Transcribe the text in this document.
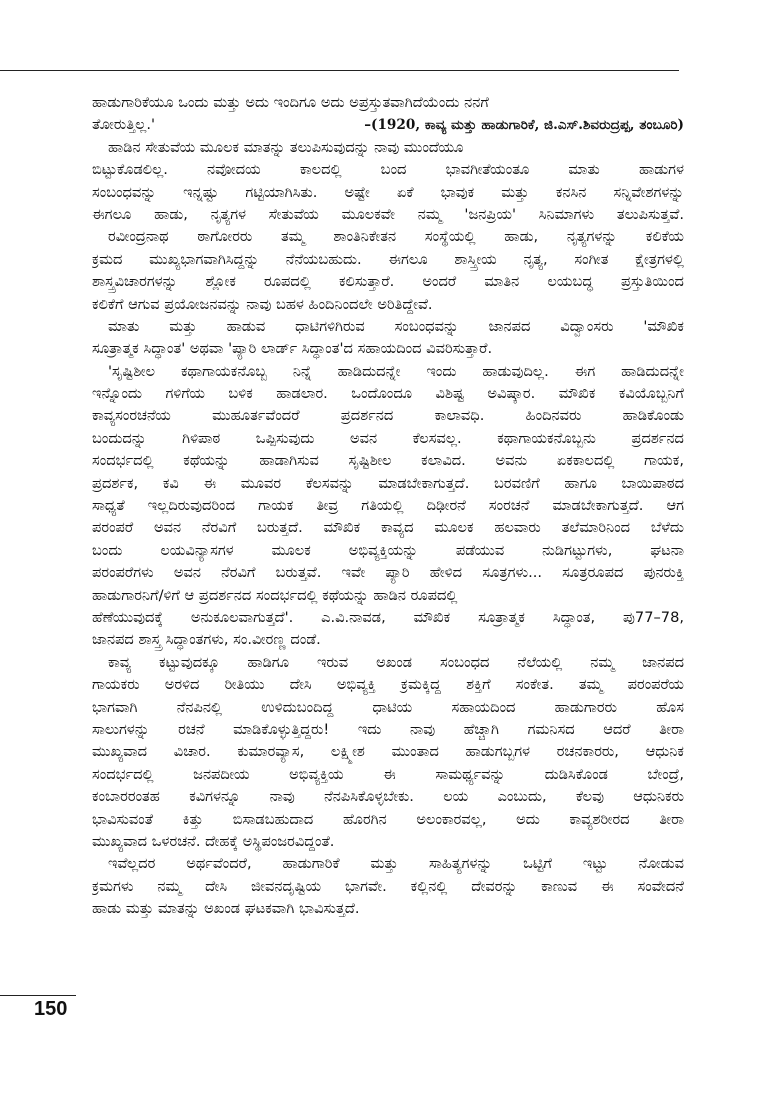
ಹಾಡುಗಾರಿಕೆಯೂ ಒಂದು ಮತ್ತು ಅದು ಇಂದಿಗೂ ಅದು ಅಪ್ರಸ್ತುತವಾಗಿದೆಯೆಂದು ನನಗೆ
ತೋರುತ್ತಿಲ್ಲ.'	–(1920, ಕಾವ್ಯ ಮತ್ತು ಹಾಡುಗಾರಿಕೆ, ಜಿ.ಎಸ್.ಶಿವರುದ್ರಪ್ಪ, ತಂಬೂರಿ)
ಹಾಡಿನ ಸೇತುವೆಯ ಮೂಲಕ ಮಾತನ್ನು ತಲುಪಿಸುವುದನ್ನು ನಾವು ಮುಂದೆಯೂ
ಬಿಟ್ಟುಕೊಡಲಿಲ್ಲ. ನವೋದಯ ಕಾಲದಲ್ಲಿ ಬಂದ ಭಾವಗೀತೆಯಂತೂ ಮಾತು ಹಾಡುಗಳ
ಸಂಬಂಧವನ್ನು ಇನ್ನಷ್ಟು ಗಟ್ಟಿಯಾಗಿಸಿತು. ಅಷ್ಟೇ ಏಕೆ ಭಾವುಕ ಮತ್ತು ಕನಸಿನ ಸನ್ನಿವೇಶಗಳನ್ನು
ಈಗಲೂ ಹಾಡು, ನೃತ್ಯಗಳ ಸೇತುವೆಯ ಮೂಲಕವೇ ನಮ್ಮ 'ಜನಪ್ರಿಯ' ಸಿನಿಮಾಗಳು ತಲುಪಿಸುತ್ತವೆ.
ರವೀಂದ್ರನಾಥ ಠಾಗೋರರು ತಮ್ಮ ಶಾಂತಿನಿಕೇತನ ಸಂಸ್ಥೆಯಲ್ಲಿ ಹಾಡು, ನೃತ್ಯಗಳನ್ನು ಕಲಿಕೆಯ
ಕ್ರಮದ ಮುಖ್ಯಭಾಗವಾಗಿಸಿದ್ದನ್ನು ನೆನೆಯಬಹುದು. ಈಗಲೂ ಶಾಸ್ತ್ರೀಯ ನೃತ್ಯ, ಸಂಗೀತ ಕ್ಷೇತ್ರಗಳಲ್ಲಿ
ಶಾಸ್ತ್ರವಿಚಾರಗಳನ್ನು ಶ್ಲೋಕ ರೂಪದಲ್ಲಿ ಕಲಿಸುತ್ತಾರೆ. ಅಂದರೆ ಮಾತಿನ ಲಯಬದ್ಧ ಪ್ರಸ್ತುತಿಯಿಂದ
ಕಲಿಕೆಗೆ ಆಗುವ ಪ್ರಯೋಜನವನ್ನು ನಾವು ಬಹಳ ಹಿಂದಿನಿಂದಲೇ ಅರಿತಿದ್ದೇವೆ.
ಮಾತು ಮತ್ತು ಹಾಡುವ ಧಾಟಿಗಳಿಗಿರುವ ಸಂಬಂಧವನ್ನು ಜಾನಪದ ವಿದ್ವಾಂಸರು 'ಮೌಖಿಕ
ಸೂತ್ರಾತ್ಮಕ ಸಿದ್ಧಾಂತ' ಅಥವಾ 'ಪ್ಯಾರಿ ಲಾರ್ಡ್ ಸಿದ್ಧಾಂತ'ದ ಸಹಾಯದಿಂದ ವಿವರಿಸುತ್ತಾರೆ.
'ಸೃಷ್ಟಿಶೀಲ ಕಥಾಗಾಯಕನೊಬ್ಬ ನಿನ್ನೆ ಹಾಡಿದುದನ್ನೇ ಇಂದು ಹಾಡುವುದಿಲ್ಲ. ಈಗ ಹಾಡಿದುದನ್ನೇ
ಇನ್ನೊಂದು ಗಳಿಗೆಯ ಬಳಿಕ ಹಾಡಲಾರ. ಒಂದೊಂದೂ ವಿಶಿಷ್ಟ ಅವಿಷ್ಕಾರ. ಮೌಖಿಕ ಕವಿಯೊಬ್ಬನಿಗೆ
ಕಾವ್ಯಸಂರಚನೆಯ ಮುಹೂರ್ತವೆಂದರೆ ಪ್ರದರ್ಶನದ ಕಾಲಾವಧಿ. ಹಿಂದಿನವರು ಹಾಡಿಕೊಂಡು
ಬಂದುದನ್ನು ಗಿಳಿಪಾಠ ಒಪ್ಪಿಸುವುದು ಅವನ ಕೆಲಸವಲ್ಲ. ಕಥಾಗಾಯಕನೊಬ್ಬನು ಪ್ರದರ್ಶನದ
ಸಂದರ್ಭದಲ್ಲಿ ಕಥೆಯನ್ನು ಹಾಡಾಗಿಸುವ ಸೃಷ್ಟಿಶೀಲ ಕಲಾವಿದ. ಅವನು ಏಕಕಾಲದಲ್ಲಿ ಗಾಯಕ,
ಪ್ರದರ್ಶಕ, ಕವಿ ಈ ಮೂವರ ಕೆಲಸವನ್ನು ಮಾಡಬೇಕಾಗುತ್ತದೆ. ಬರವಣಿಗೆ ಹಾಗೂ ಬಾಯಿಪಾಠದ
ಸಾಧ್ಯತೆ ಇಲ್ಲದಿರುವುದರಿಂದ ಗಾಯಕ ತೀವ್ರ ಗತಿಯಲ್ಲಿ ದಿಢೀರನೆ ಸಂರಚನೆ ಮಾಡಬೇಕಾಗುತ್ತದೆ. ಆಗ
ಪರಂಪರೆ ಅವನ ನೆರವಿಗೆ ಬರುತ್ತದೆ. ಮೌಖಿಕ ಕಾವ್ಯದ ಮೂಲಕ ಹಲವಾರು ತಲೆಮಾರಿನಿಂದ ಬೆಳೆದು
ಬಂದು ಲಯವಿನ್ಯಾಸಗಳ ಮೂಲಕ ಅಭಿವ್ಯಕ್ತಿಯನ್ನು ಪಡೆಯುವ ನುಡಿಗಟ್ಟುಗಳು, ಘಟನಾ
ಪರಂಪರೆಗಳು ಅವನ ನೆರವಿಗೆ ಬರುತ್ತವೆ. ಇವೇ ಪ್ಯಾರಿ ಹೇಳಿದ ಸೂತ್ರಗಳು... ಸೂತ್ರರೂಪದ ಪುನರುಕ್ತಿ
ಹಾಡುಗಾರನಿಗೆ/ಳಿಗೆ ಆ ಪ್ರದರ್ಶನದ ಸಂದರ್ಭದಲ್ಲಿ ಕಥೆಯನ್ನು ಹಾಡಿನ ರೂಪದಲ್ಲಿ
ಹೆಣೆಯುವುದಕ್ಕೆ ಅನುಕೂಲವಾಗುತ್ತದೆ'. ಎ.ವಿ.ನಾವಡ, ಮೌಖಿಕ ಸೂತ್ರಾತ್ಮಕ ಸಿದ್ಧಾಂತ, ಪು77–78,
ಜಾನಪದ ಶಾಸ್ತ್ರ ಸಿದ್ಧಾಂತಗಳು, ಸಂ.ವೀರಣ್ಣ ದಂಡೆ.
ಕಾವ್ಯ ಕಟ್ಟುವುದಕ್ಕೂ ಹಾಡಿಗೂ ಇರುವ ಅಖಂಡ ಸಂಬಂಧದ ನೆಲೆಯಲ್ಲಿ ನಮ್ಮ ಜಾನಪದ
ಗಾಯಕರು ಅರಳಿದ ರೀತಿಯು ದೇಸಿ ಅಭಿವ್ಯಕ್ತಿ ಕ್ರಮಕ್ಕಿದ್ದ ಶಕ್ತಿಗೆ ಸಂಕೇತ. ತಮ್ಮ ಪರಂಪರೆಯ
ಭಾಗವಾಗಿ ನೆನಪಿನಲ್ಲಿ ಉಳಿದುಬಂದಿದ್ದ ಧಾಟಿಯ ಸಹಾಯದಿಂದ ಹಾಡುಗಾರರು ಹೊಸ
ಸಾಲುಗಳನ್ನು ರಚನೆ ಮಾಡಿಕೊಳ್ಳುತ್ತಿದ್ದರು! ಇದು ನಾವು ಹೆಚ್ಚಾಗಿ ಗಮನಿಸದ ಆದರೆ ತೀರಾ
ಮುಖ್ಯವಾದ ವಿಚಾರ. ಕುಮಾರವ್ಯಾಸ, ಲಕ್ಷ್ಮೀಶ ಮುಂತಾದ ಹಾಡುಗಬ್ಬಗಳ ರಚನಕಾರರು, ಆಧುನಿಕ
ಸಂದರ್ಭದಲ್ಲಿ ಜನಪದೀಯ ಅಭಿವ್ಯಕ್ತಿಯ ಈ ಸಾಮರ್ಥ್ಯವನ್ನು ದುಡಿಸಿಕೊಂಡ ಬೇಂದ್ರೆ,
ಕಂಬಾರರಂತಹ ಕವಿಗಳನ್ನೂ ನಾವು ನೆನಪಿಸಿಕೊಳ್ಳಬೇಕು. ಲಯ ಎಂಬುದು, ಕೆಲವು ಆಧುನಿಕರು
ಭಾವಿಸುವಂತೆ ಕಿತ್ತು ಬಿಸಾಡಬಹುದಾದ ಹೊರಗಿನ ಅಲಂಕಾರವಲ್ಲ, ಅದು ಕಾವ್ಯಶರೀರದ ತೀರಾ
ಮುಖ್ಯವಾದ ಒಳರಚನೆ. ದೇಹಕ್ಕೆ ಅಸ್ಥಿಪಂಜರವಿದ್ದಂತೆ.
ಇವೆಲ್ಲದರ ಅರ್ಥವೆಂದರೆ, ಹಾಡುಗಾರಿಕೆ ಮತ್ತು ಸಾಹಿತ್ಯಗಳನ್ನು ಒಟ್ಟಿಗೆ ಇಟ್ಟು ನೋಡುವ
ಕ್ರಮಗಳು ನಮ್ಮ ದೇಸಿ ಜೀವನದೃಷ್ಟಿಯ ಭಾಗವೇ. ಕಲ್ಲಿನಲ್ಲಿ ದೇವರನ್ನು ಕಾಣುವ ಈ ಸಂವೇದನೆ
ಹಾಡು ಮತ್ತು ಮಾತನ್ನು ಅಖಂಡ ಘಟಕವಾಗಿ ಭಾವಿಸುತ್ತದೆ.
150
